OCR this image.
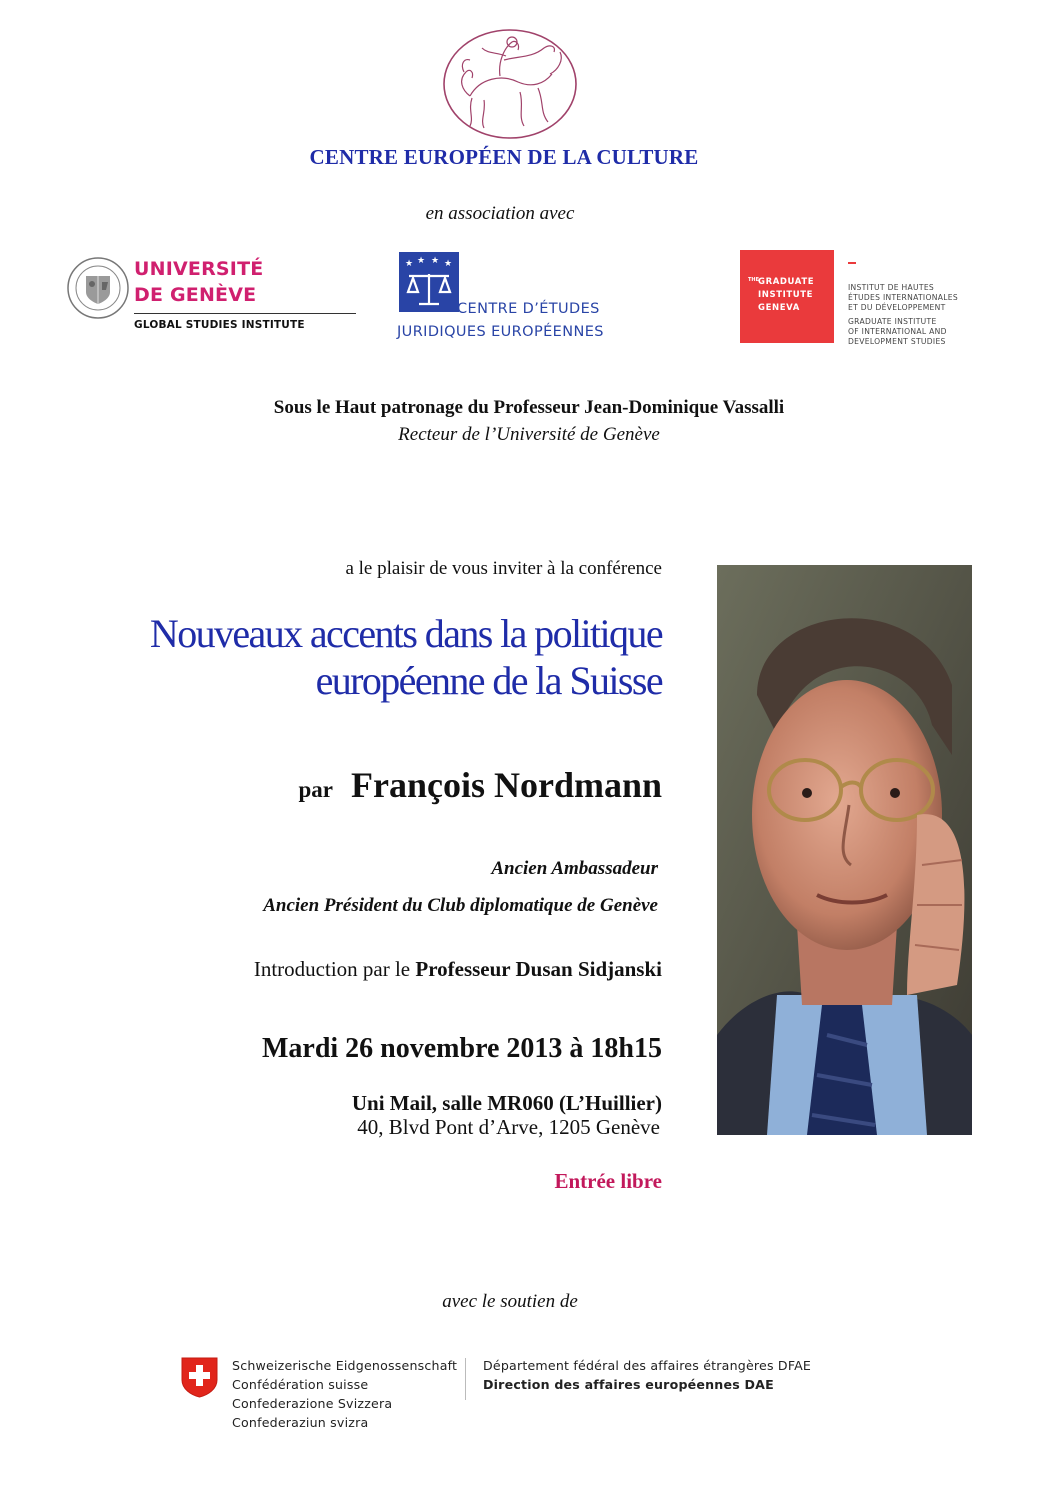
CENTRE EUROPÉEN DE LA CULTURE
en association avec
UNIVERSITÉ
DE GENÈVE
GLOBAL STUDIES INSTITUTE
★ ★ ★ ★
CENTRE D’ÉTUDES
JURIDIQUES EUROPÉENNES
THE
GRADUATE
INSTITUTE
GENEVA
INSTITUT DE HAUTES
ÉTUDES INTERNATIONALES
ET DU DÉVELOPPEMENT
GRADUATE INSTITUTE
OF INTERNATIONAL AND
DEVELOPMENT STUDIES
Sous le Haut patronage du Professeur Jean-Dominique Vassalli
Recteur de l’Université de Genève
a le plaisir de vous inviter à la conférence
Nouveaux accents dans la politique
européenne de la Suisse
par François Nordmann
Ancien Ambassadeur
Ancien Président du Club diplomatique de Genève
Introduction par le Professeur Dusan Sidjanski
Mardi 26 novembre 2013 à 18h15
Uni Mail, salle MR060 (L’Huillier)
40, Blvd Pont d’Arve, 1205 Genève
Entrée libre
avec le soutien de
Schweizerische Eidgenossenschaft
Confédération suisse
Confederazione Svizzera
Confederaziun svizra
Département fédéral des affaires étrangères DFAE
Direction des affaires européennes DAE
